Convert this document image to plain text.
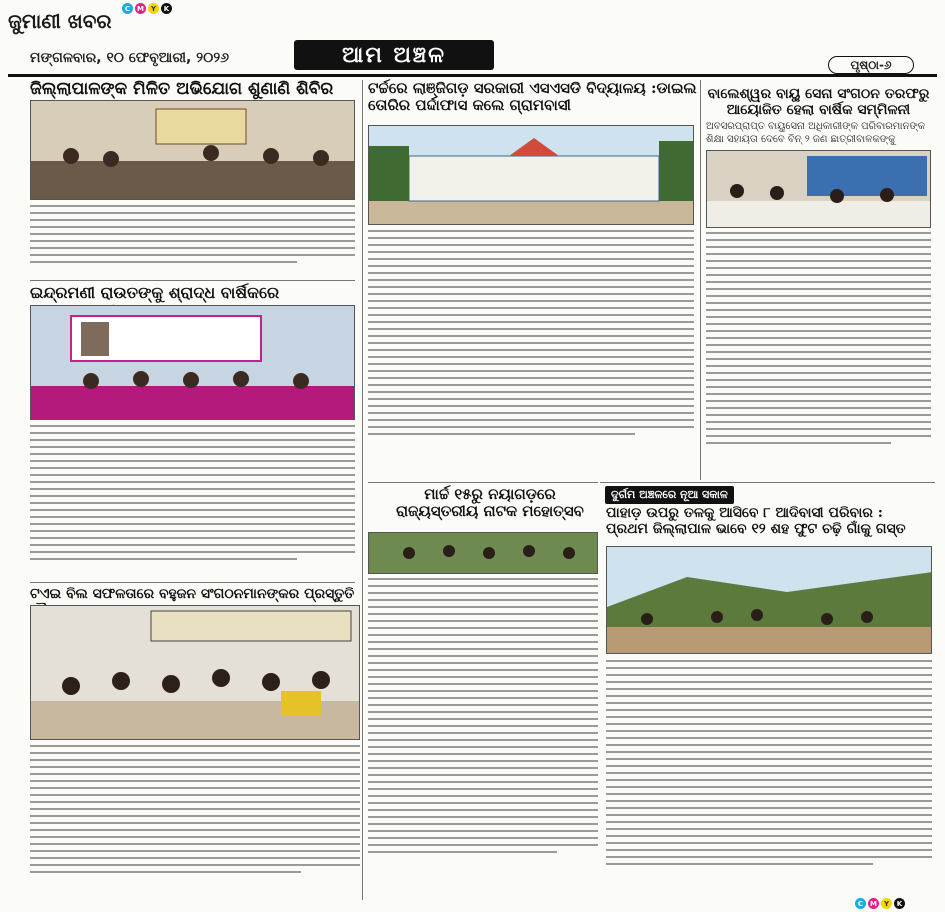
ଜୁମାଣୀ ଖବର
C M Y	K
ମଙ୍ଗଳବାର, ୧୦ ଫେବୃଆରୀ, ୨୦୨୬	ଆମ ଅଞ୍ଚଳ	ପୃଷ୍ଠା-୬
ଜିଲ୍ଲାପାଳଙ୍କ ମିଳିତ ଅଭିଯୋଗ ଶୁଣାଣି ଶିବିର
ଇନ୍ଦ୍ରମଣୀ ରାଉତଙ୍କୁ ଶ୍ରାଦ୍ଧ ବାର୍ଷିକରେ
ଟଏଇ ବିଲ ସଫଳତାରେ ବହୁଜନ ସଂଗଠନମାନଙ୍କର ପ୍ରସ୍ତୁତି
ଟର୍ଚ୍ଚରେ ଲାଞ୍ଜିଗଡ଼ ସରକାରୀ ଏସଏସଡି ବିଦ୍ୟାଳୟ :ଡାଇଲ
ତୋରିର ପର୍ଦ୍ଦାଫାସ କଲେ ଗ୍ରାମବାସୀ
ମାର୍ଚ୍ଚ ୧୫ରୁ ନୟାଗଡ଼ରେ
ରାଜ୍ୟସ୍ତରୀୟ ନାଟକ ମହୋତ୍ସବ
ବାଲେଶ୍ୱର ବାୟୁ ସେନା ସଂଗଠନ ତରଫରୁ
ଆୟୋଜିତ ହେଲା ବାର୍ଷିକ ସମ୍ମିଳନୀ
ଅବସରପ୍ରାପ୍ତ ବାୟୁସେନା ଅଧିକାରୀଙ୍କ ପରିବାରମାନଙ୍କ ଶିକ୍ଷା ସହାୟତା ଦେବେ ବିନ୍ ୨ ଜଣ ଛାତ୍ରୀବାଳକଙ୍କୁ
ଦୁର୍ଗମ ଅଞ୍ଚଳରେ ନୂଆ ସକାଳ
ପାହାଡ଼ ଉପରୁ ତଳକୁ ଆସିବେ ୮ ଆଦିବାସୀ ପରିବାର :
ପ୍ରଥମ ଜିଲ୍ଲାପାଳ ଭାବେ ୧୨ ଶହ ଫୁଟ ଚଢ଼ି ଗାଁକୁ ଗସ୍ତ
C M Y	K
